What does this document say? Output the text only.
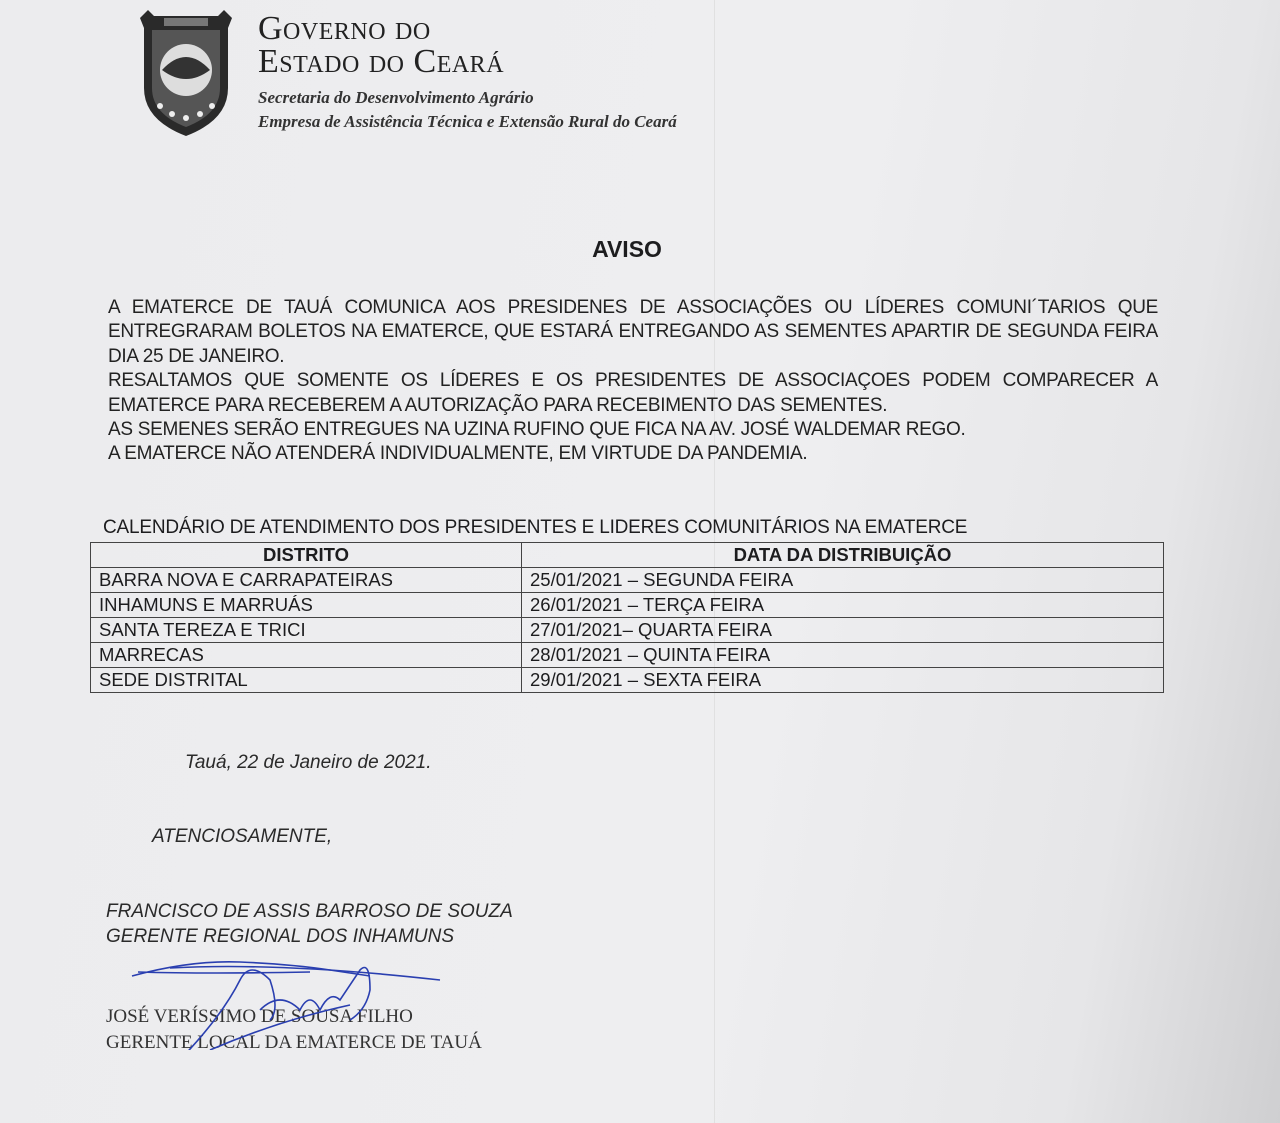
Governo do
Estado do Ceará
Secretaria do Desenvolvimento Agrário
Empresa de Assistência Técnica e Extensão Rural do Ceará
AVISO

A EMATERCE DE TAUÁ COMUNICA AOS PRESIDENES DE ASSOCIAÇÕES OU LÍDERES COMUNI´TARIOS QUE ENTREGRARAM BOLETOS NA EMATERCE, QUE ESTARÁ ENTREGANDO AS SEMENTES APARTIR DE SEGUNDA FEIRA DIA 25 DE JANEIRO.

RESALTAMOS QUE SOMENTE OS LÍDERES E OS PRESIDENTES DE ASSOCIAÇOES PODEM COMPARECER A EMATERCE PARA RECEBEREM A AUTORIZAÇÃO PARA RECEBIMENTO DAS SEMENTES.

AS SEMENES SERÃO ENTREGUES NA UZINA RUFINO QUE FICA NA AV. JOSÉ WALDEMAR REGO.

A EMATERCE NÃO ATENDERÁ INDIVIDUALMENTE, EM VIRTUDE DA PANDEMIA.

CALENDÁRIO DE ATENDIMENTO DOS PRESIDENTES E LIDERES COMUNITÁRIOS NA EMATERCE
DISTRITO	DATA DA DISTRIBUIÇÃO
BARRA NOVA E CARRAPATEIRAS	25/01/2021 – SEGUNDA FEIRA
INHAMUNS E MARRUÁS	26/01/2021 – TERÇA FEIRA
SANTA TEREZA E TRICI	27/01/2021– QUARTA FEIRA
MARRECAS	28/01/2021 – QUINTA FEIRA
SEDE DISTRITAL	29/01/2021 – SEXTA FEIRA
Tauá, 22 de Janeiro de 2021.
ATENCIOSAMENTE,
FRANCISCO DE ASSIS BARROSO DE SOUZA
GERENTE REGIONAL DOS INHAMUNS
JOSÉ VERÍSSIMO DE SOUSA FILHO
GERENTE LOCAL DA EMATERCE DE TAUÁ
